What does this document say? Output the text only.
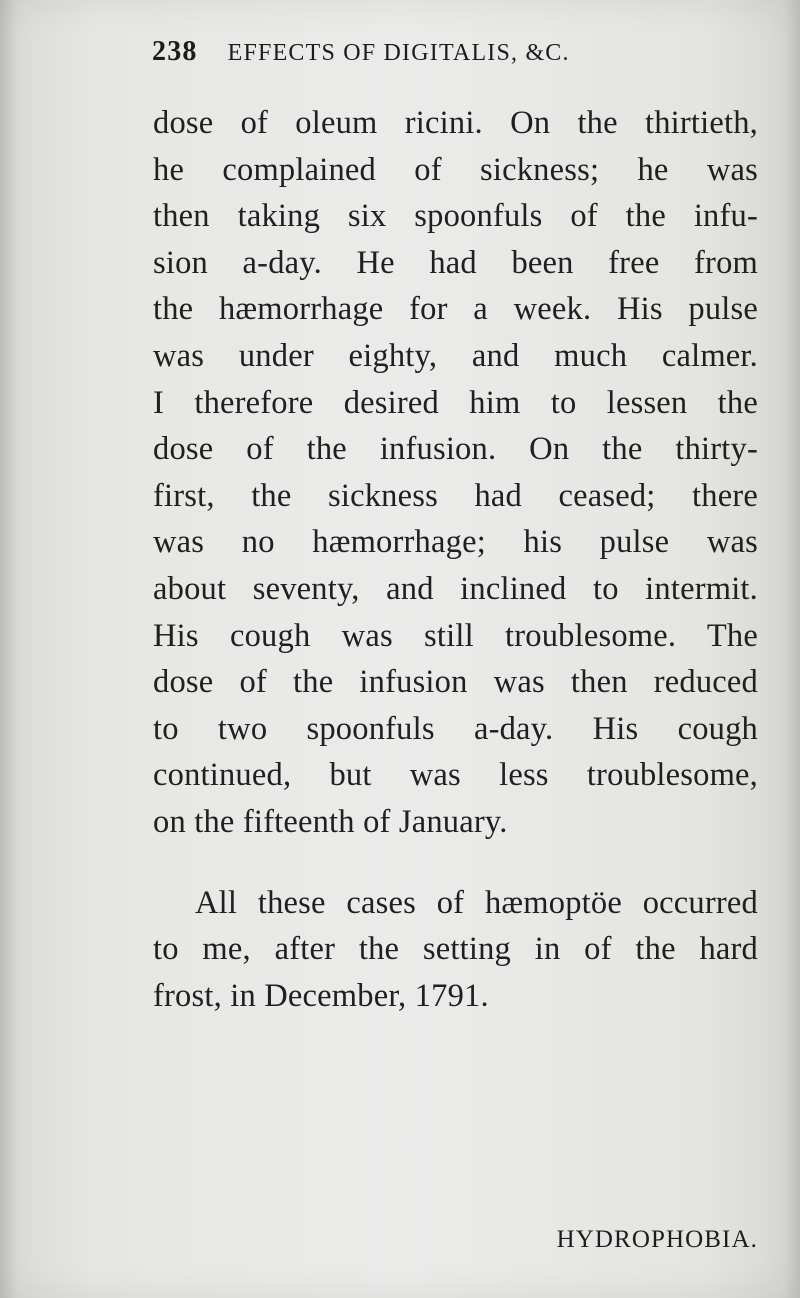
238 EFFECTS OF DIGITALIS, &C.
dose of oleum ricini. On the thirtieth,
he complained of sickness; he was
then taking six spoonfuls of the infu-
sion a-day. He had been free from
the hæmorrhage for a week. His pulse
was under eighty, and much calmer.
I therefore desired him to lessen the
dose of the infusion. On the thirty-
first, the sickness had ceased; there
was no hæmorrhage; his pulse was
about seventy, and inclined to intermit.
His cough was still troublesome. The
dose of the infusion was then reduced
to two spoonfuls a-day. His cough
continued, but was less troublesome,
on the fifteenth of January.
All these cases of hæmoptöe occurred
to me, after the setting in of the hard
frost, in December, 1791.
HYDROPHOBIA.
